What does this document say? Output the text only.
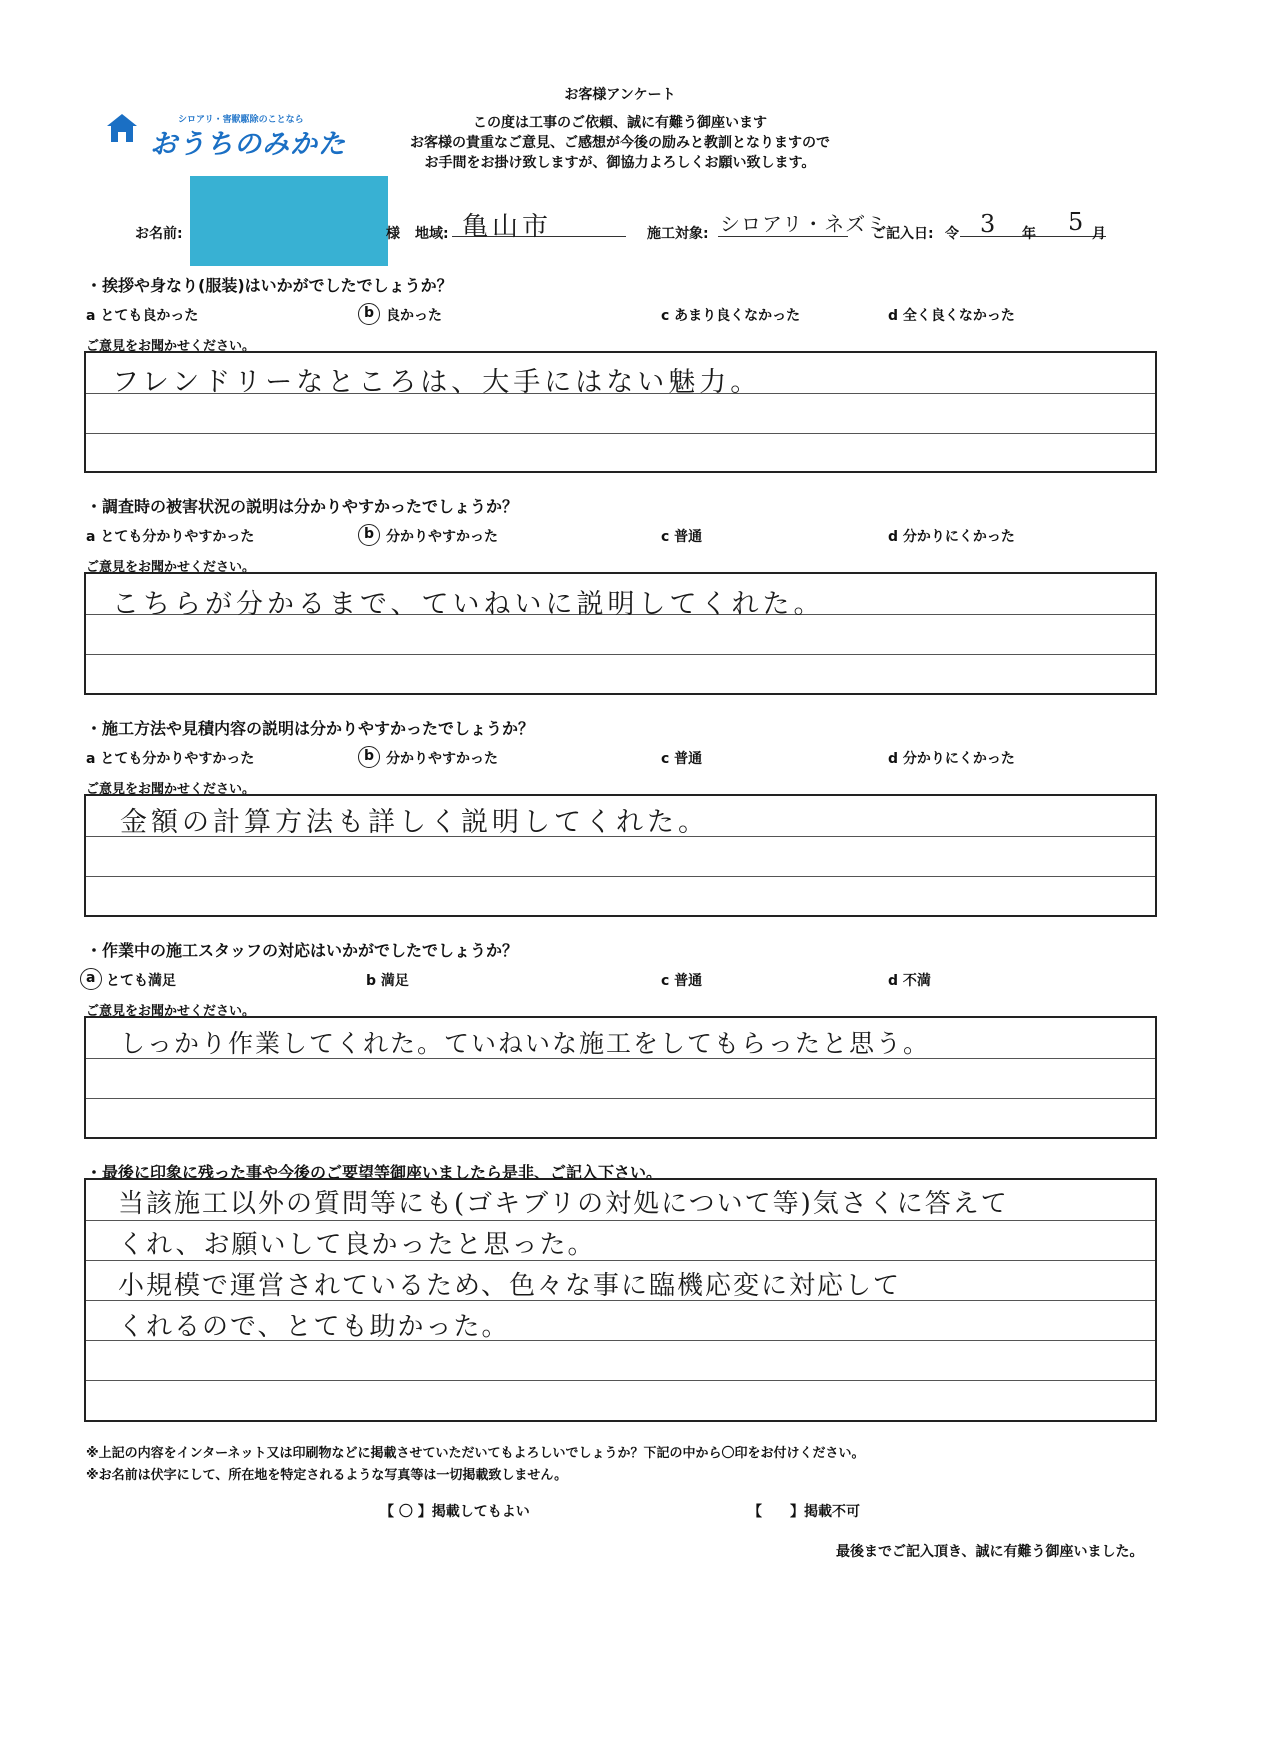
シロアリ・害獣駆除のことなら
おうちのみかた
お客様アンケート
この度は工事のご依頼、誠に有難う御座います
お客様の貴重なご意見、ご感想が今後の励みと教訓となりますので
お手間をお掛け致しますが、御協力よろしくお願い致します。
お名前:	様 地域: 亀山市	施工対象: シロアリ・ネズミ
ご記入日: 令 3 年 5 月
・挨拶や身なり(服装)はいかがでしたでしょうか？
a とても良かった	b 良かった	c あまり良くなかった	d 全く良くなかった
ご意見をお聞かせください。
フレンドリーなところは、大手にはない魅力。
・調査時の被害状況の説明は分かりやすかったでしょうか？
a とても分かりやすかった	b 分かりやすかった	c 普通	d 分かりにくかった
ご意見をお聞かせください。
こちらが分かるまで、ていねいに説明してくれた。
・施工方法や見積内容の説明は分かりやすかったでしょうか？
a とても分かりやすかった	b 分かりやすかった	c 普通	d 分かりにくかった
ご意見をお聞かせください。
金額の計算方法も詳しく説明してくれた。
・作業中の施工スタッフの対応はいかがでしたでしょうか？
a とても満足	b 満足	c 普通	d 不満
ご意見をお聞かせください。
しっかり作業してくれた。ていねいな施工をしてもらったと思う。
・最後に印象に残った事や今後のご要望等御座いましたら是非、ご記入下さい。
当該施工以外の質問等にも(ゴキブリの対処について等)気さくに答えて
くれ、お願いして良かったと思った。
小規模で運営されているため、色々な事に臨機応変に対応して
くれるので、とても助かった。
※上記の内容をインターネット又は印刷物などに掲載させていただいてもよろしいでしょうか？下記の中から〇印をお付けください。
※お名前は伏字にして、所在地を特定されるような写真等は一切掲載致しません。
【 〇 】掲載してもよい	【　　】掲載不可
最後までご記入頂き、誠に有難う御座いました。
